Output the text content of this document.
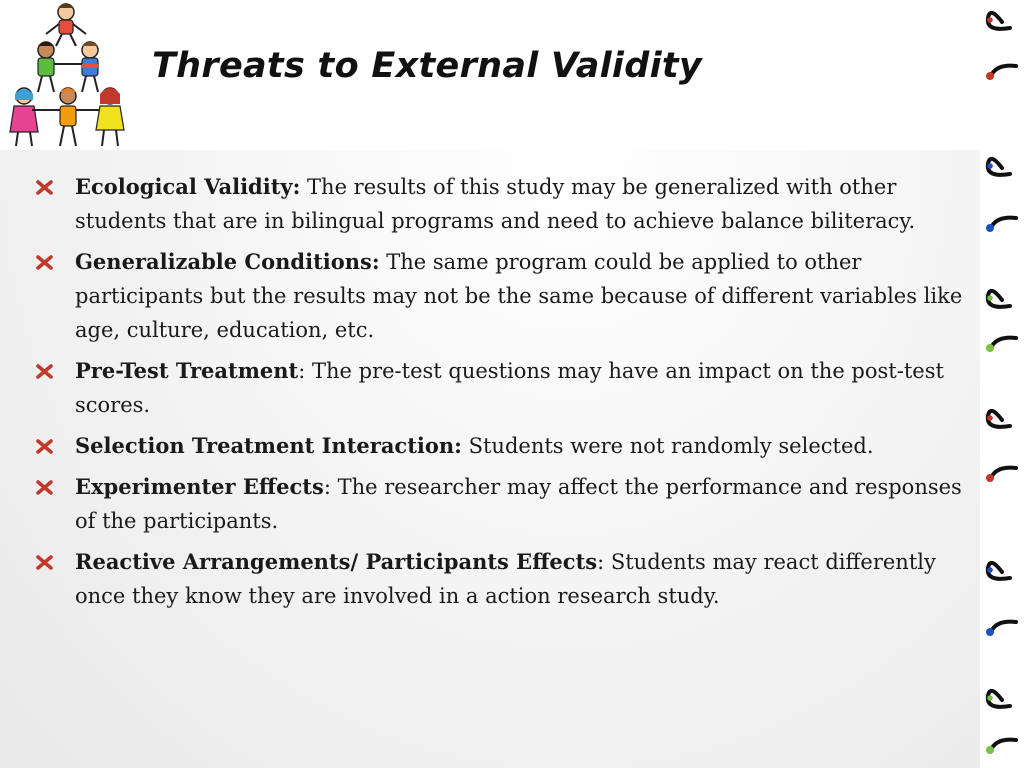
Threats to External Validity
Ecological Validity: The results of this study may be generalized with other students that are in bilingual programs and need to achieve balance biliteracy.
Generalizable Conditions: The same program could be applied to other participants but the results may not be the same because of different variables like age, culture, education, etc.
Pre-Test Treatment: The pre-test questions may have an impact on the post-test scores.
Selection Treatment Interaction: Students were not randomly selected.
Experimenter Effects: The researcher may affect the performance and responses of the participants.
Reactive Arrangements/ Participants Effects: Students may react differently once they know they are involved in a action research study.
